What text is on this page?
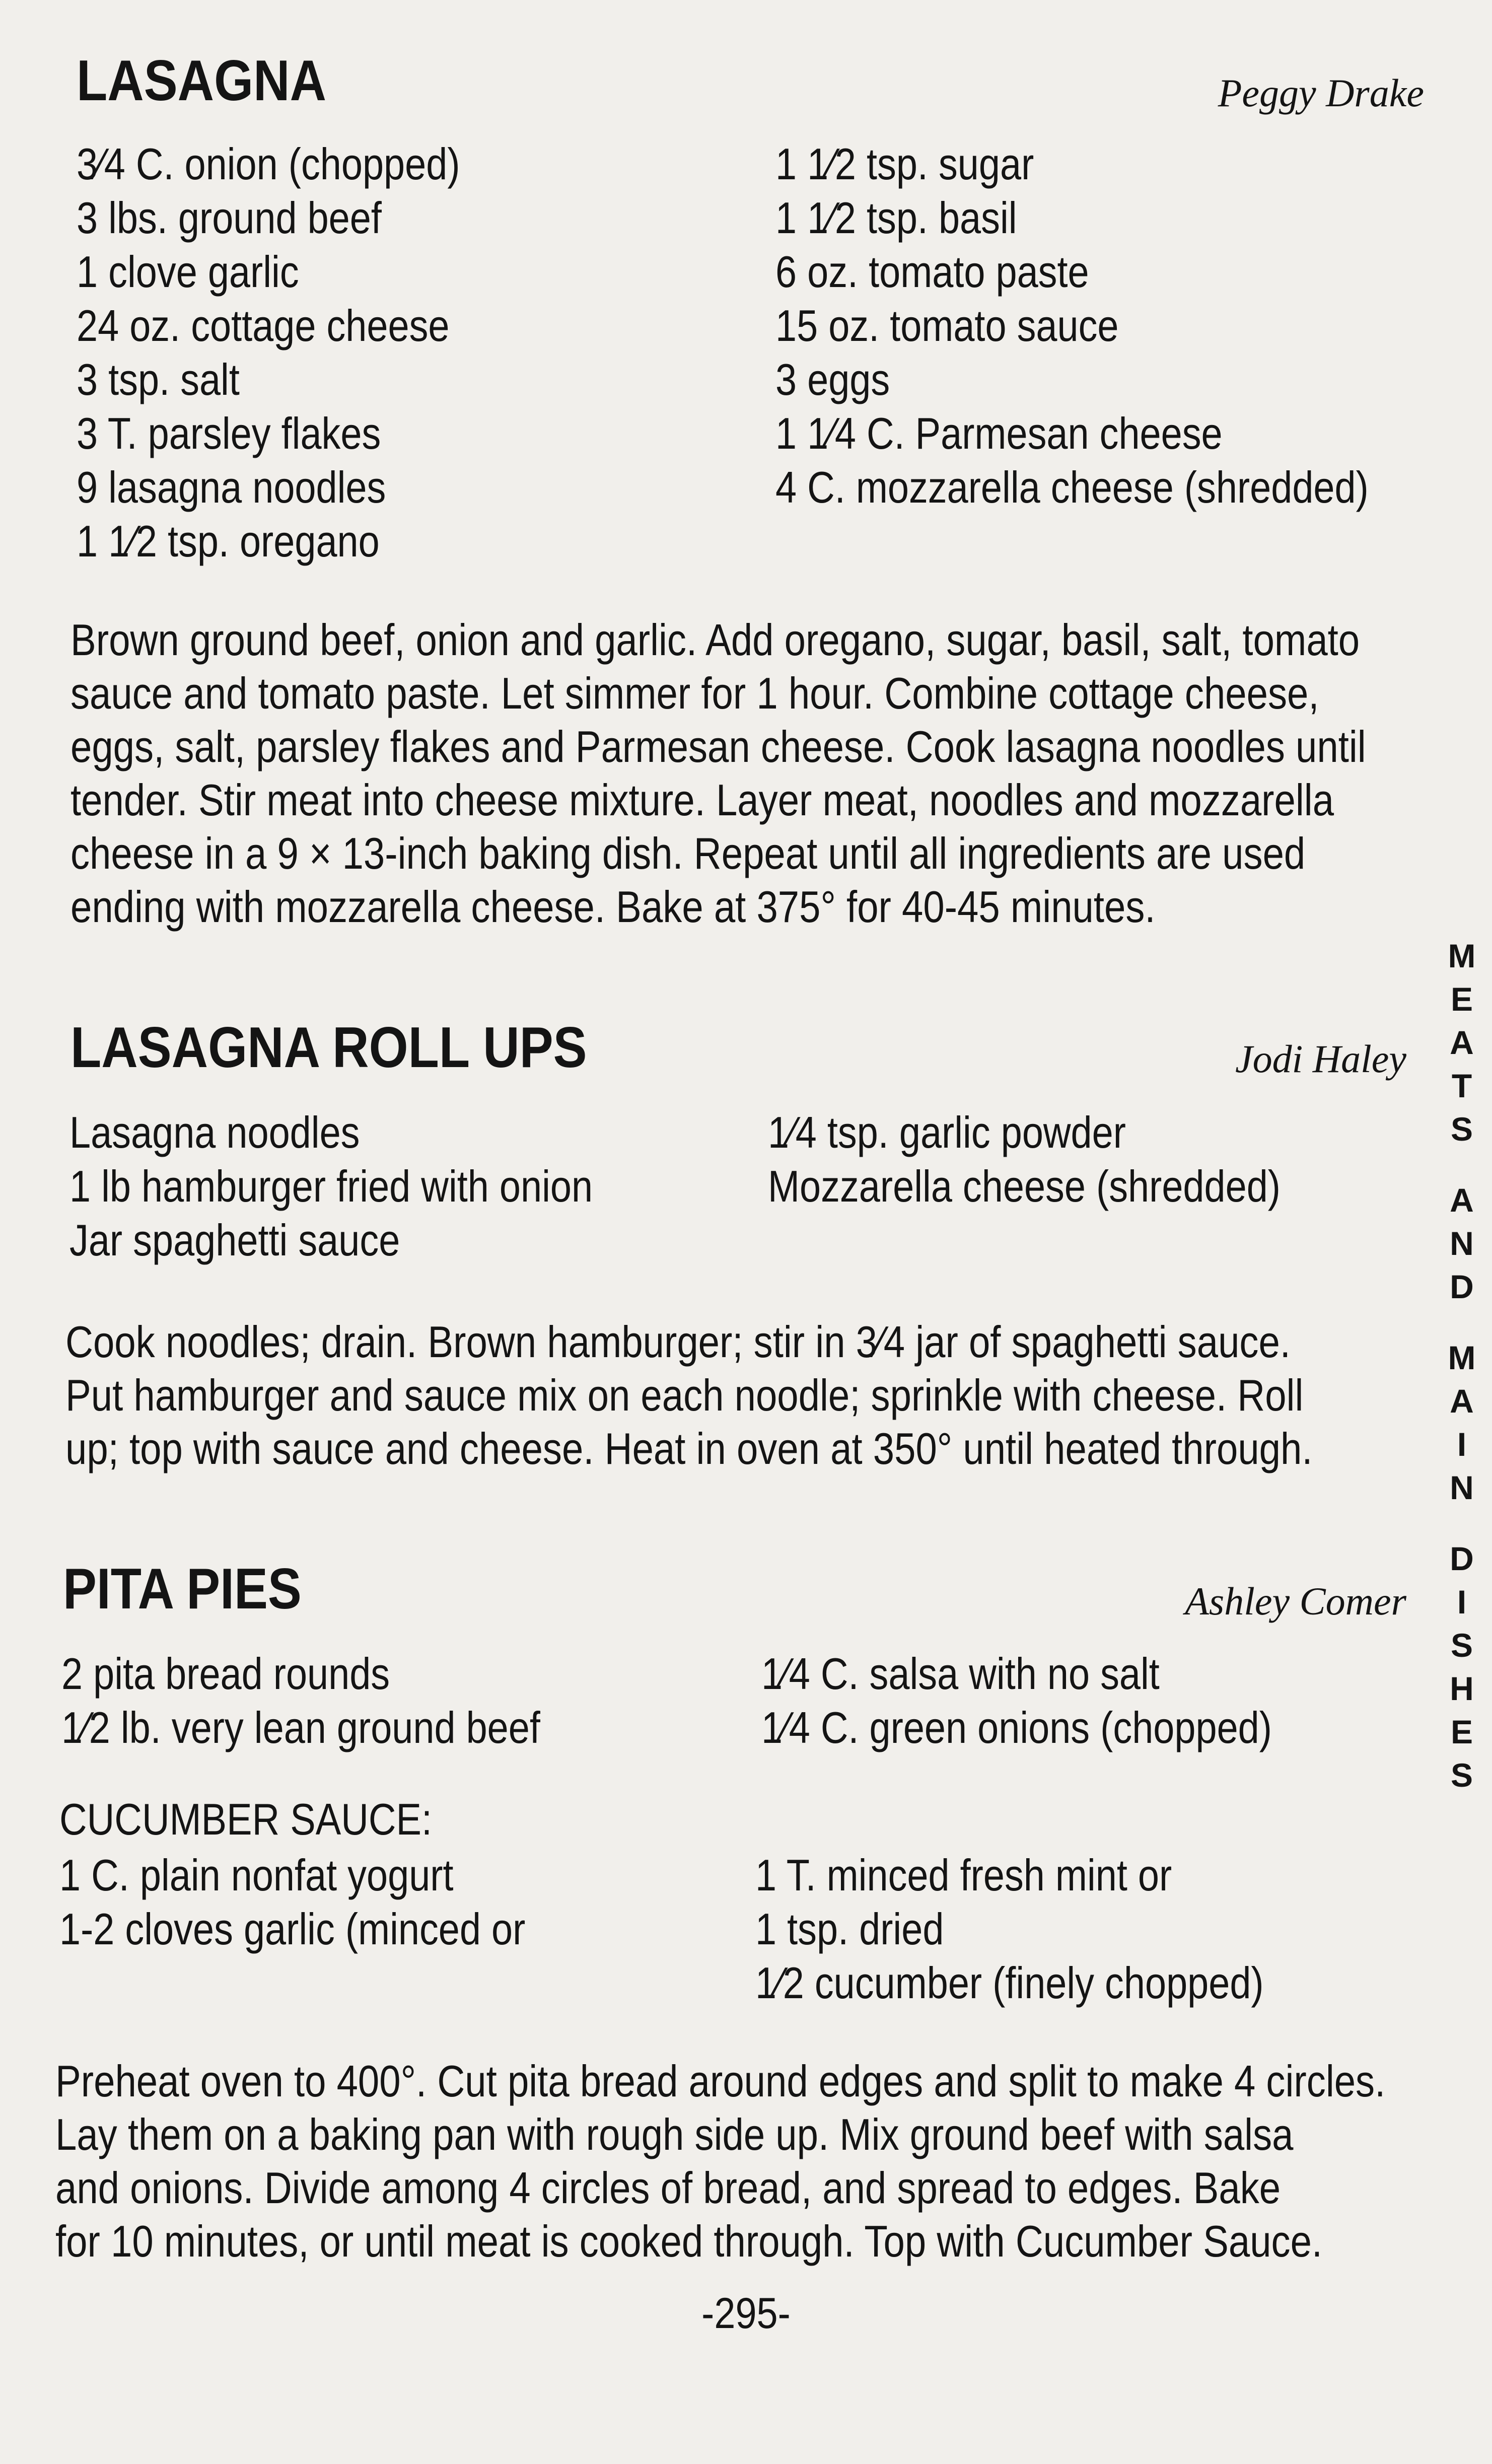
LASAGNA	Peggy Drake
3⁄4 C. onion (chopped)
3 lbs. ground beef
1 clove garlic
24 oz. cottage cheese
3 tsp. salt
3 T. parsley flakes
9 lasagna noodles
1 1⁄2 tsp. oregano
1 1⁄2 tsp. sugar
1 1⁄2 tsp. basil
6 oz. tomato paste
15 oz. tomato sauce
3 eggs
1 1⁄4 C. Parmesan cheese
4 C. mozzarella cheese (shredded)
Brown ground beef, onion and garlic. Add oregano, sugar, basil, salt, tomato
sauce and tomato paste. Let simmer for 1 hour. Combine cottage cheese,
eggs, salt, parsley flakes and Parmesan cheese. Cook lasagna noodles until
tender. Stir meat into cheese mixture. Layer meat, noodles and mozzarella
cheese in a 9 × 13-inch baking dish. Repeat until all ingredients are used
ending with mozzarella cheese. Bake at 375° for 40-45 minutes.
LASAGNA ROLL UPS	Jodi Haley
Lasagna noodles
1 lb hamburger fried with onion
Jar spaghetti sauce
1⁄4 tsp. garlic powder
Mozzarella cheese (shredded)
Cook noodles; drain. Brown hamburger; stir in 3⁄4 jar of spaghetti sauce.
Put hamburger and sauce mix on each noodle; sprinkle with cheese. Roll
up; top with sauce and cheese. Heat in oven at 350° until heated through.
PITA PIES	Ashley Comer
2 pita bread rounds
1⁄2 lb. very lean ground beef
1⁄4 C. salsa with no salt
1⁄4 C. green onions (chopped)
CUCUMBER SAUCE:
1 C. plain nonfat yogurt
1-2 cloves garlic (minced or
1 T. minced fresh mint or
1 tsp. dried
1⁄2 cucumber (finely chopped)
Preheat oven to 400°. Cut pita bread around edges and split to make 4 circles.
Lay them on a baking pan with rough side up. Mix ground beef with salsa
and onions. Divide among 4 circles of bread, and spread to edges. Bake
for 10 minutes, or until meat is cooked through. Top with Cucumber Sauce.
M
E
A
T
S
A
N
D
M
A
I
N
D
I
S
H
E
S
-295-
